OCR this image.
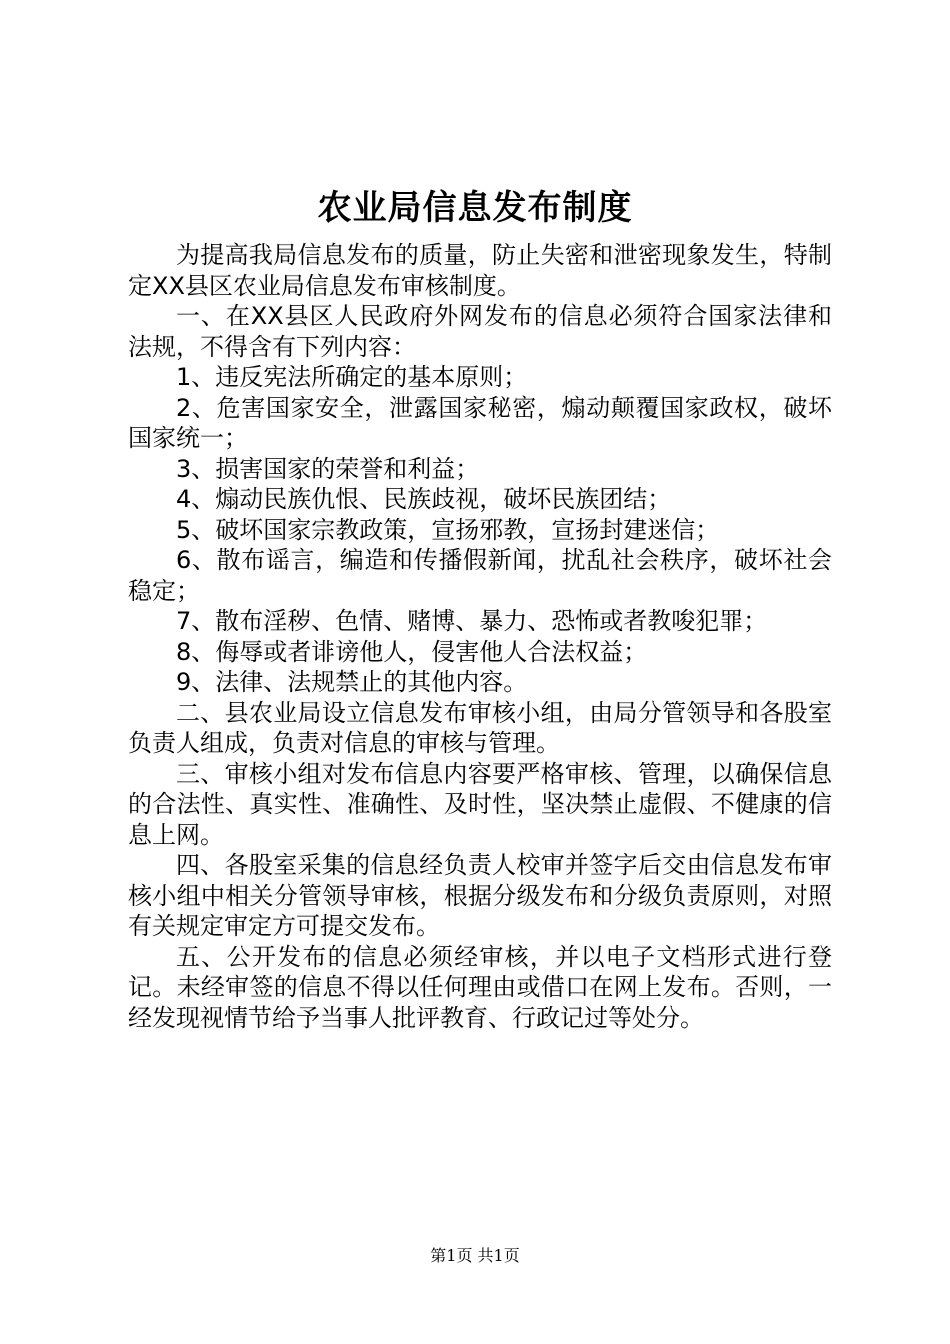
农业局信息发布制度

为提高我局信息发布的质量，防止失密和泄密现象发生，特制定XX县区农业局信息发布审核制度。

一、在XX县区人民政府外网发布的信息必须符合国家法律和法规，不得含有下列内容：

1、违反宪法所确定的基本原则；

2、危害国家安全，泄露国家秘密，煽动颠覆国家政权，破坏国家统一；

3、损害国家的荣誉和利益；

4、煽动民族仇恨、民族歧视，破坏民族团结；

5、破坏国家宗教政策，宣扬邪教，宣扬封建迷信；

6、散布谣言，编造和传播假新闻，扰乱社会秩序，破坏社会稳定；

7、散布淫秽、色情、赌博、暴力、恐怖或者教唆犯罪；

8、侮辱或者诽谤他人，侵害他人合法权益；

9、法律、法规禁止的其他内容。

二、县农业局设立信息发布审核小组，由局分管领导和各股室负责人组成，负责对信息的审核与管理。

三、审核小组对发布信息内容要严格审核、管理，以确保信息的合法性、真实性、准确性、及时性，坚决禁止虚假、不健康的信息上网。

四、各股室采集的信息经负责人校审并签字后交由信息发布审核小组中相关分管领导审核，根据分级发布和分级负责原则，对照有关规定审定方可提交发布。

五、公开发布的信息必须经审核，并以电子文档形式进行登记。未经审签的信息不得以任何理由或借口在网上发布。否则，一经发现视情节给予当事人批评教育、行政记过等处分。

第1页 共1页
